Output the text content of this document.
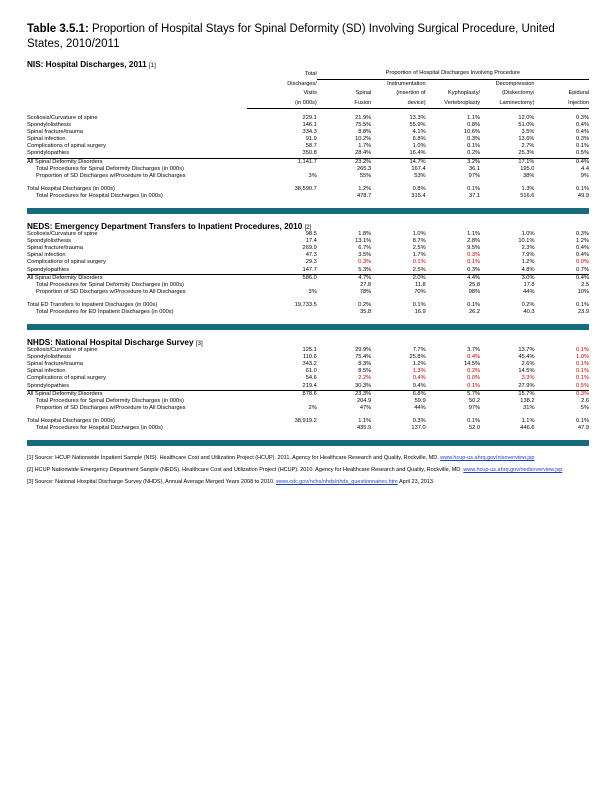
Table 3.5.1: Proportion of Hospital Stays for Spinal Deformity (SD) Involving Surgical Procedure, United States, 2010/2011

NIS: Hospital Discharges, 2011 [1]

	Total	Proportion of Hospital Discharges Involving Procedure				
	Discharges/		Instrumentation		Decompression	
	Visits	Spinal	(insertion of	Kyphoplasty/	(Diskectomy/	Epidural
	(in 000s)	Fusion	device)	Vertebroplasty	Laminectomy)	Injection

Scoliosis/Curvature of spine	229.1	21.9%	13.3%	1.1%	12.0%	0.3%
Spondylolisthesis	146.1	75.5%	55.9%	0.8%	51.0%	0.4%
Spinal fracture/trauma	334.3	8.8%	4.1%	10.6%	3.5%	0.4%
Spinal infection	91.9	10.2%	6.8%	0.3%	13.6%	0.3%
Complications of spinal surgery	58.7	1.7%	1.0%	0.1%	2.7%	0.1%
Spondylopathies	350.8	28.4%	16.4%	0.2%	25.3%	0.5%
All Spinal Deformity Disorders	1,141.7	23.2%	14.7%	3.2%	17.1%	0.4%
Total Procedures for Spinal Deformity Discharges (in 000s)		265.3	167.4	36.1	195.0	4.4
Proportion of SD Discharges w/Procedure to All Discharges	3%	55%	53%	97%	38%	9%

Total Hospital Discharges (in 000s)	38,590.7	1.2%	0.8%	0.1%	1.3%	0.1%
Total Procedures for Hospital Discharges (in 000s)		478.7	315.4	37.1	516.6	49.9

NEDS: Emergency Department Transfers to Inpatient Procedures, 2010 [2]

Scoliosis/Curvature of spine	98.5	1.8%	1.0%	1.1%	1.0%	0.3%
Spondylolisthesis	17.4	13.1%	8.7%	2.8%	10.1%	1.2%
Spinal fracture/trauma	269.9	6.7%	2.5%	9.5%	2.3%	0.4%
Spinal infection	47.3	3.5%	1.7%	0.3%	7.9%	0.4%
Complications of spinal surgery	29.3	0.3%	0.1%	0.1%	1.2%	0.0%
Spondylopathies	147.7	5.3%	2.5%	0.3%	4.8%	0.7%
All Spinal Deformity Disorders	586.0	4.7%	2.0%	4.4%	3.0%	0.4%
Total Procedures for Spinal Deformity Discharges (in 000s)		27.8	11.8	25.8	17.8	2.5
Proportion of SD Discharges w/Procedure to All Discharges	3%	78%	70%	98%	44%	10%

Total ED Transfers to Inpatient Discharges (in 000s)	19,733.5	0.2%	0.1%	0.1%	0.2%	0.1%
Total Procedures for ED Inpatient Discharges (in 000s)		35.8	16.9	26.2	40.3	23.9

NHDS: National Hospital Discharge Survey [3]

Scoliosis/Curvature of spine	125.1	29.9%	7.7%	3.7%	13.7%	0.1%
Spondylolisthesis	110.6	75.4%	25.8%	0.4%	45.4%	1.0%
Spinal fracture/trauma	343.2	8.3%	1.2%	14.5%	2.6%	0.1%
Spinal infection	61.0	8.5%	1.3%	0.2%	14.5%	0.1%
Complications of spinal surgery	54.6	2.2%	0.4%	0.0%	3.3%	0.1%
Spondylopathies	219.4	30.3%	9.4%	0.1%	27.9%	0.5%
All Spinal Deformity Disorders	878.6	23.3%	6.8%	5.7%	15.7%	0.3%
Total Procedures for Spinal Deformity Discharges (in 000s)		204.9	59.9	50.2	138.2	2.6
Proportion of SD Discharges w/Procedure to All Discharges	2%	47%	44%	97%	31%	5%

Total Hospital Discharges (in 000s)	38,919.2	1.1%	0.3%	0.1%	1.1%	0.1%
Total Procedures for Hospital Discharges (in 000s)		435.9	137.0	52.0	446.6	47.9

[1] Source: HCUP Nationwide Inpatient Sample (NIS). Healthcare Cost and Utilization Project (HCUP). 2011. Agency for Healthcare Research and Quality, Rockville, MD. www.hcup-us.ahrq.gov/nisoverview.jsp

[2] HCUP Nationwide Emergency Department Sample (NEDS). Healthcare Cost and Utilization Project (HCUP). 2010. Agency for Healthcare Research and Quality, Rockville, MD. www.hcup-us.ahrq.gov/nedsoverview.jsp

[3] Source: National Hospital Discharge Survey (NHDS), Annual Average Merged Years 2008 to 2010. www.cdc.gov/nchs/nhds/nhds_questionnaires.htm April 23, 2013.
